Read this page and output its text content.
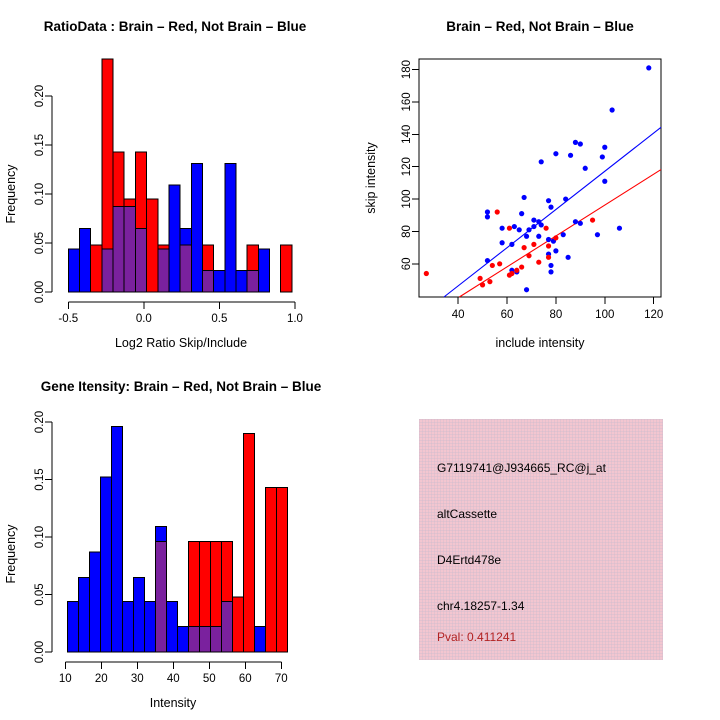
RatioData : Brain – Red, Not Brain – Blue
Log2 Ratio Skip/Include
Frequency
0.00
0.05
0.10
0.15
0.20
-0.5	0.0	0.5	1.0
Brain – Red, Not Brain – Blue
include intensity
skip intensity
40	60	80	100	120
60
80
100
120
140
160
180
Gene Itensity: Brain – Red, Not Brain – Blue
Intensity
Frequency
0.00
0.05
0.10
0.15
0.20
10 20 30 40 50 60 70
G7119741@J934665_RC@j_at
altCassette
D4Ertd478e
chr4.18257-1.34
Pval: 0.411241
